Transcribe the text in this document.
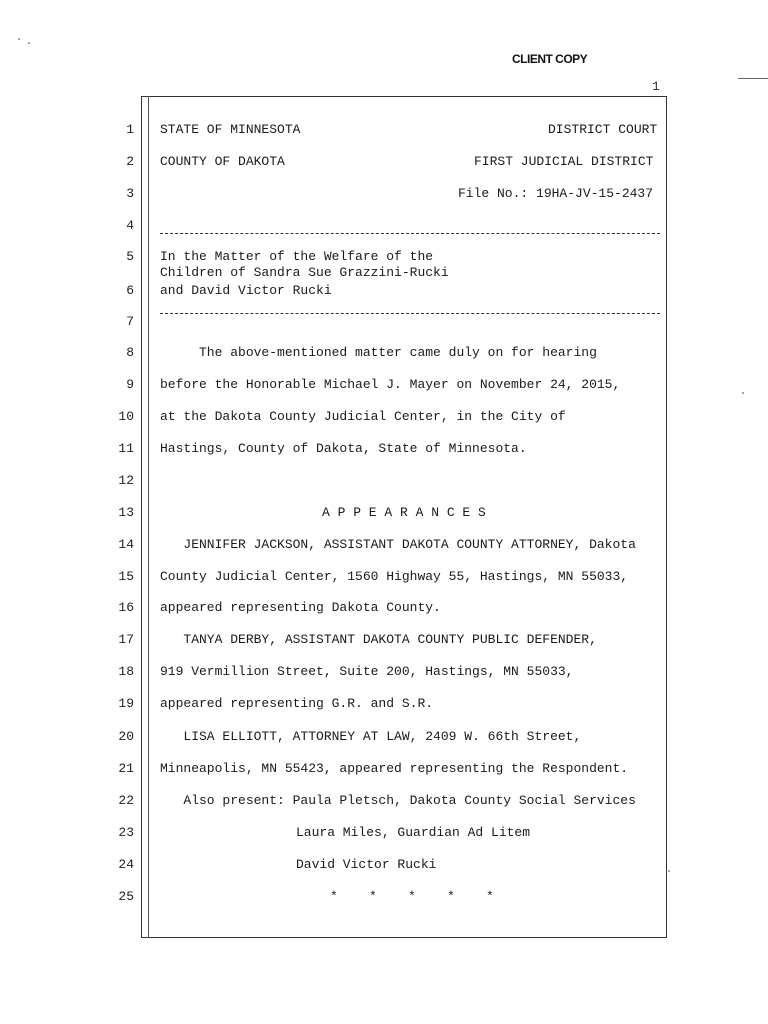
CLIENT COPY
1
1
2
3
4
5
6
7
8
9
10
11
12
13
14
15
16
17
18
19
20
21
22
23
24
25
STATE OF MINNESOTA	DISTRICT COURT
COUNTY OF DAKOTA	FIRST JUDICIAL DISTRICT
File No.: 19HA-JV-15-2437
In the Matter of the Welfare of the
Children of Sandra Sue Grazzini-Rucki
and David Victor Rucki
The above-mentioned matter came duly on for hearing
before the Honorable Michael J. Mayer on November 24, 2015,
at the Dakota County Judicial Center, in the City of
Hastings, County of Dakota, State of Minnesota.
A P P E A R A N C E S
JENNIFER JACKSON, ASSISTANT DAKOTA COUNTY ATTORNEY, Dakota
County Judicial Center, 1560 Highway 55, Hastings, MN 55033,
appeared representing Dakota County.
TANYA DERBY, ASSISTANT DAKOTA COUNTY PUBLIC DEFENDER,
919 Vermillion Street, Suite 200, Hastings, MN 55033,
appeared representing G.R. and S.R.
LISA ELLIOTT, ATTORNEY AT LAW, 2409 W. 66th Street,
Minneapolis, MN 55423, appeared representing the Respondent.
Also present: Paula Pletsch, Dakota County Social Services
Laura Miles, Guardian Ad Litem
David Victor Rucki
*    *    *    *    *
